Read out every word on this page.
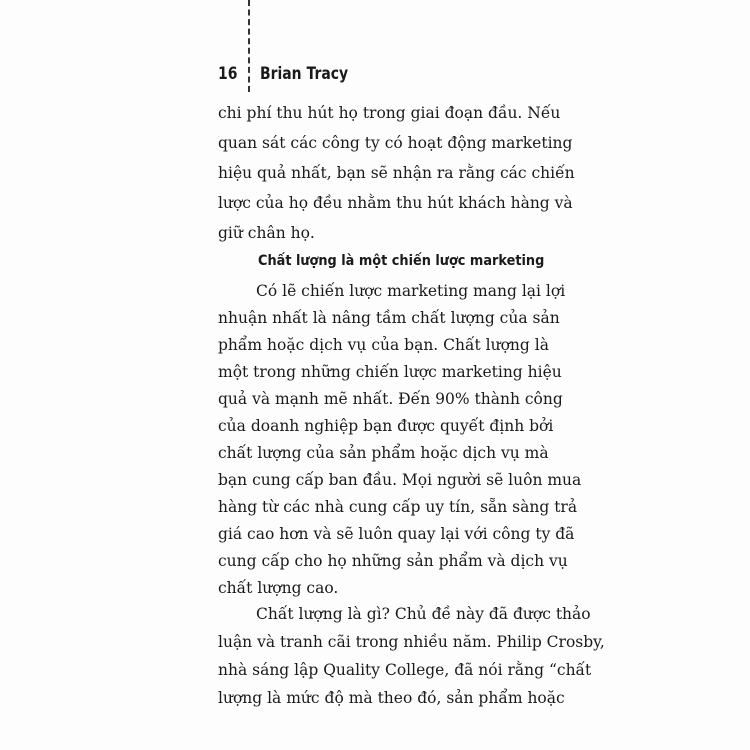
16 Brian Tracy
chi phí thu hút họ trong giai đoạn đầu. Nếu
quan sát các công ty có hoạt động marketing
hiệu quả nhất, bạn sẽ nhận ra rằng các chiến
lược của họ đều nhằm thu hút khách hàng và
giữ chân họ.
Chất lượng là một chiến lược marketing
Có lẽ chiến lược marketing mang lại lợi
nhuận nhất là nâng tầm chất lượng của sản
phẩm hoặc dịch vụ của bạn. Chất lượng là
một trong những chiến lược marketing hiệu
quả và mạnh mẽ nhất. Đến 90% thành công
của doanh nghiệp bạn được quyết định bởi
chất lượng của sản phẩm hoặc dịch vụ mà
bạn cung cấp ban đầu. Mọi người sẽ luôn mua
hàng từ các nhà cung cấp uy tín, sẵn sàng trả
giá cao hơn và sẽ luôn quay lại với công ty đã
cung cấp cho họ những sản phẩm và dịch vụ
chất lượng cao.
Chất lượng là gì? Chủ đề này đã được thảo
luận và tranh cãi trong nhiều năm. Philip Crosby,
nhà sáng lập Quality College, đã nói rằng “chất
lượng là mức độ mà theo đó, sản phẩm hoặc
